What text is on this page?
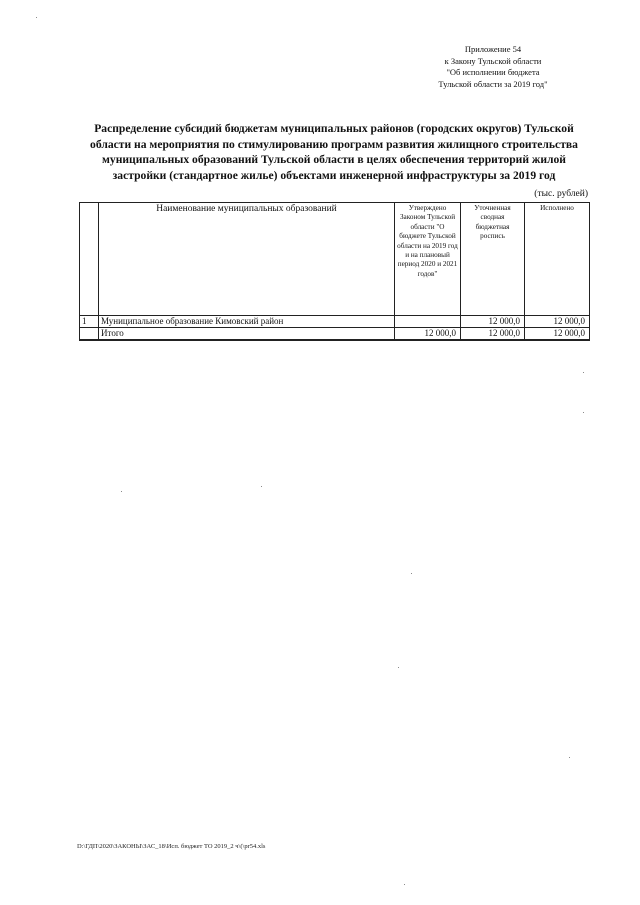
Приложение 54
к Закону Тульской области
"Об исполнении бюджета
Тульской области за 2019 год"
Распределение субсидий бюджетам муниципальных районов (городских округов) Тульской
области на мероприятия по стимулированию программ развития жилищного строительства
муниципальных образований Тульской области в целях обеспечения территорий жилой
застройки (стандартное жилье) объектами инженерной инфраструктуры за 2019 год
(тыс. рублей)
	Наименование муниципальных образований	Утверждено Законом Тульской области "О бюджете Тульской области на 2019 год и на плановый период 2020 и 2021 годов"	Уточненная сводная бюджетная роспись	Исполнено
1	Муниципальное образование Кимовский район		12 000,0	12 000,0
	Итого	12 000,0	12 000,0	12 000,0
D:\ГДП\2020\ЗАКОНЫ\ЗАС_18\Исп. бюджет ТО 2019_2 ч\(\pr54.xls
